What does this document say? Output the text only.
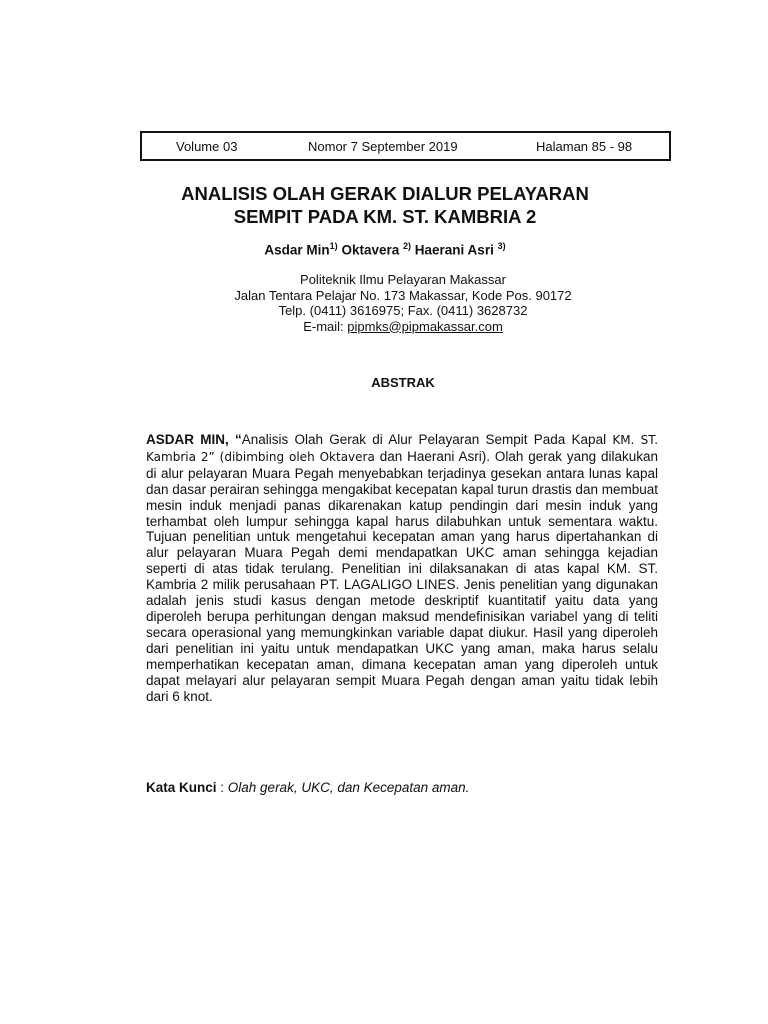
Volume 03	Nomor 7 September 2019	Halaman 85 - 98
ANALISIS OLAH GERAK DIALUR PELAYARAN
SEMPIT PADA KM. ST. KAMBRIA 2
Asdar Min$^{1)}$ Oktavera $^{2)}$ Haerani Asri $^{3)}$
Politeknik Ilmu Pelayaran Makassar
Jalan Tentara Pelajar No. 173 Makassar, Kode Pos. 90172
Telp. (0411) 3616975; Fax. (0411) 3628732
E-mail: pipmks@pipmakassar.com
ABSTRAK
ASDAR MIN, “Analisis Olah Gerak di Alur Pelayaran Sempit Pada Kapal KM. ST. Kambria 2” (dibimbing oleh Oktavera dan Haerani Asri). Olah gerak yang dilakukan di alur pelayaran Muara Pegah menyebabkan terjadinya gesekan antara lunas kapal dan dasar perairan sehingga mengakibat kecepatan kapal turun drastis dan membuat mesin induk menjadi panas dikarenakan katup pendingin dari mesin induk yang terhambat oleh lumpur sehingga kapal harus dilabuhkan untuk sementara waktu. Tujuan penelitian untuk mengetahui kecepatan aman yang harus dipertahankan di alur pelayaran Muara Pegah demi mendapatkan UKC aman sehingga kejadian seperti di atas tidak terulang. Penelitian ini dilaksanakan di atas kapal KM. ST. Kambria 2 milik perusahaan PT. LAGALIGO LINES. Jenis penelitian yang digunakan adalah jenis studi kasus dengan metode deskriptif kuantitatif yaitu data yang diperoleh berupa perhitungan dengan maksud mendefinisikan variabel yang di teliti secara operasional yang memungkinkan variable dapat diukur. Hasil yang diperoleh dari penelitian ini yaitu untuk mendapatkan UKC yang aman, maka harus selalu memperhatikan kecepatan aman, dimana kecepatan aman yang diperoleh untuk dapat melayari alur pelayaran sempit Muara Pegah dengan aman yaitu tidak lebih dari 6 knot.
Kata Kunci : Olah gerak, UKC, dan Kecepatan aman.
